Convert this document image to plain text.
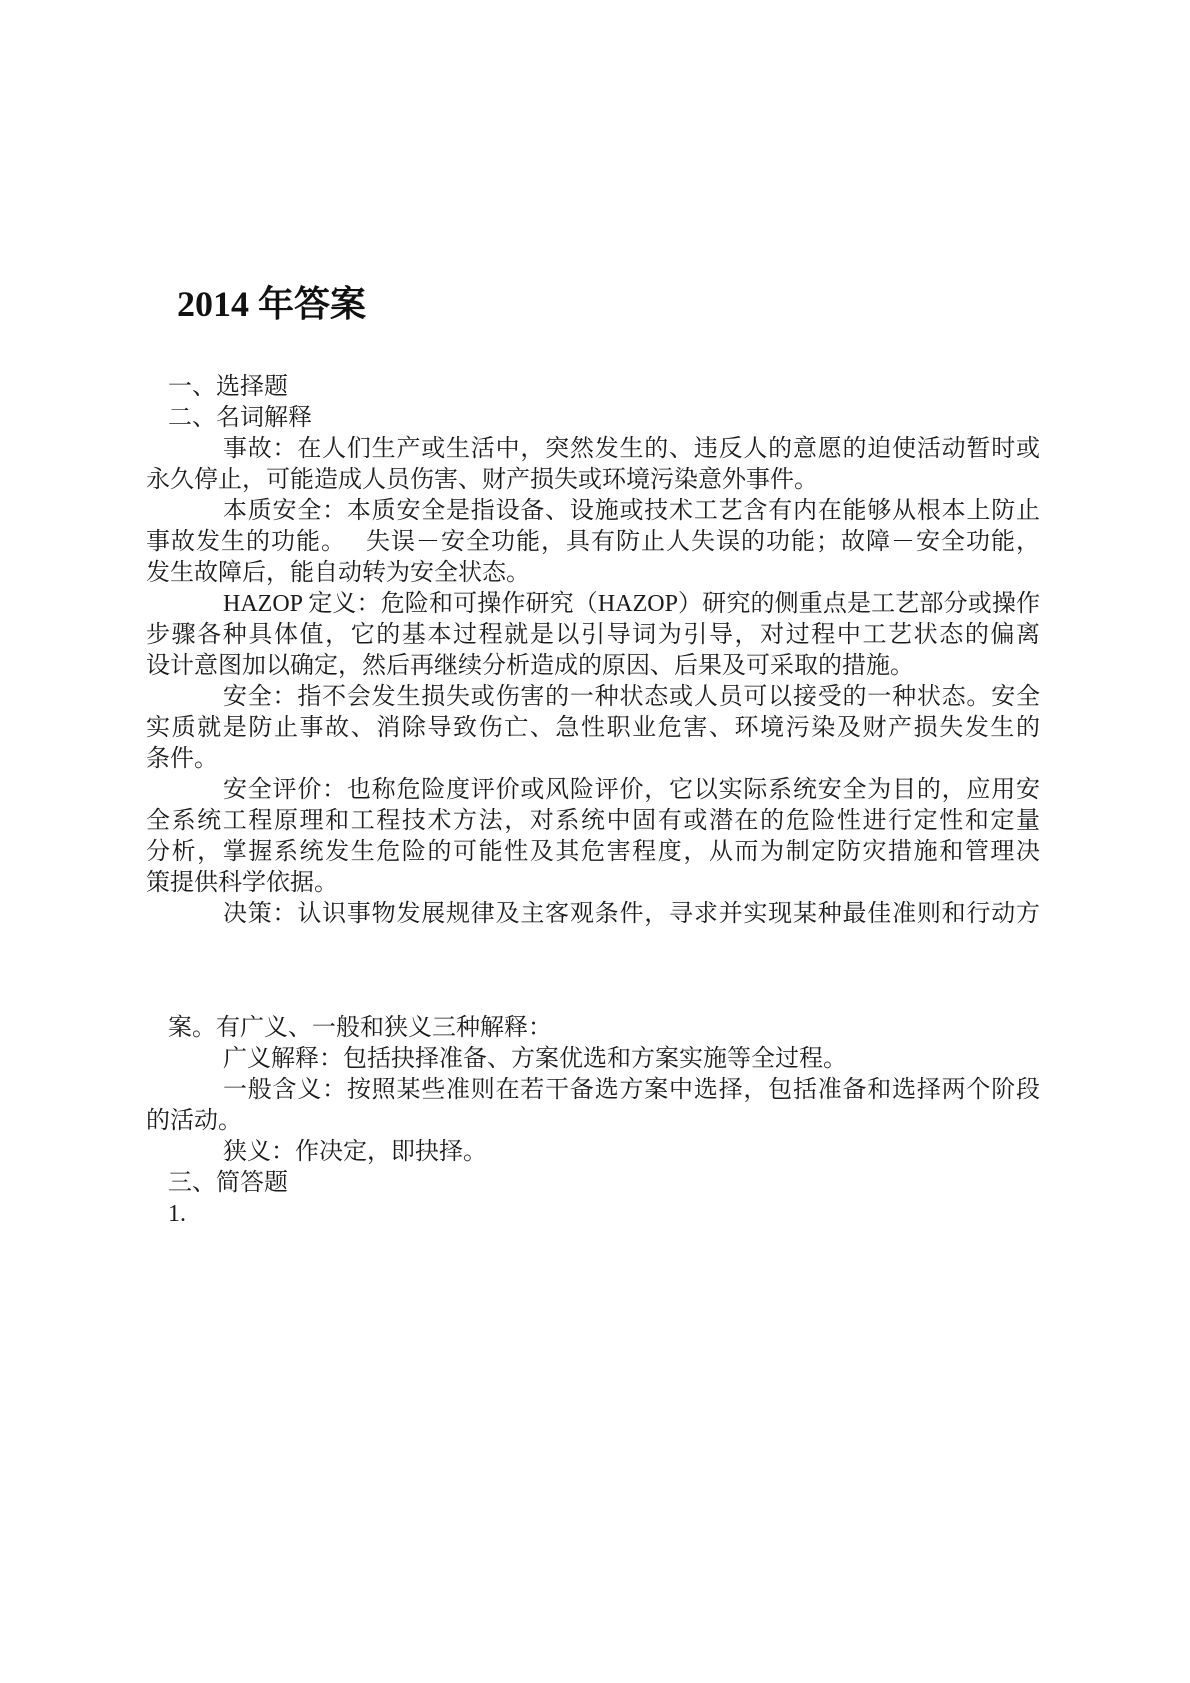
2014 年答案
一、选择题
二、名词解释
事故：在人们生产或生活中，突然发生的、违反人的意愿的迫使活动暂时或
永久停止，可能造成人员伤害、财产损失或环境污染意外事件。
本质安全：本质安全是指设备、设施或技术工艺含有内在能够从根本上防止
事故发生的功能。　 失误－安全功能，具有防止人失误的功能；故障－安全功能，
发生故障后，能自动转为安全状态。
HAZOP 定义：危险和可操作研究（HAZOP）研究的侧重点是工艺部分或操作
步骤各种具体值，它的基本过程就是以引导词为引导，对过程中工艺状态的偏离
设计意图加以确定，然后再继续分析造成的原因、后果及可采取的措施。
安全：指不会发生损失或伤害的一种状态或人员可以接受的一种状态。安全
实质就是防止事故、消除导致伤亡、急性职业危害、环境污染及财产损失发生的
条件。
安全评价：也称危险度评价或风险评价，它以实际系统安全为目的，应用安
全系统工程原理和工程技术方法，对系统中固有或潜在的危险性进行定性和定量
分析，掌握系统发生危险的可能性及其危害程度，从而为制定防灾措施和管理决
策提供科学依据。
决策：认识事物发展规律及主客观条件，寻求并实现某种最佳准则和行动方
案。有广义、一般和狭义三种解释：
广义解释：包括抉择准备、方案优选和方案实施等全过程。
一般含义：按照某些准则在若干备选方案中选择，包括准备和选择两个阶段
的活动。
狭义：作决定，即抉择。
三、简答题
1.
